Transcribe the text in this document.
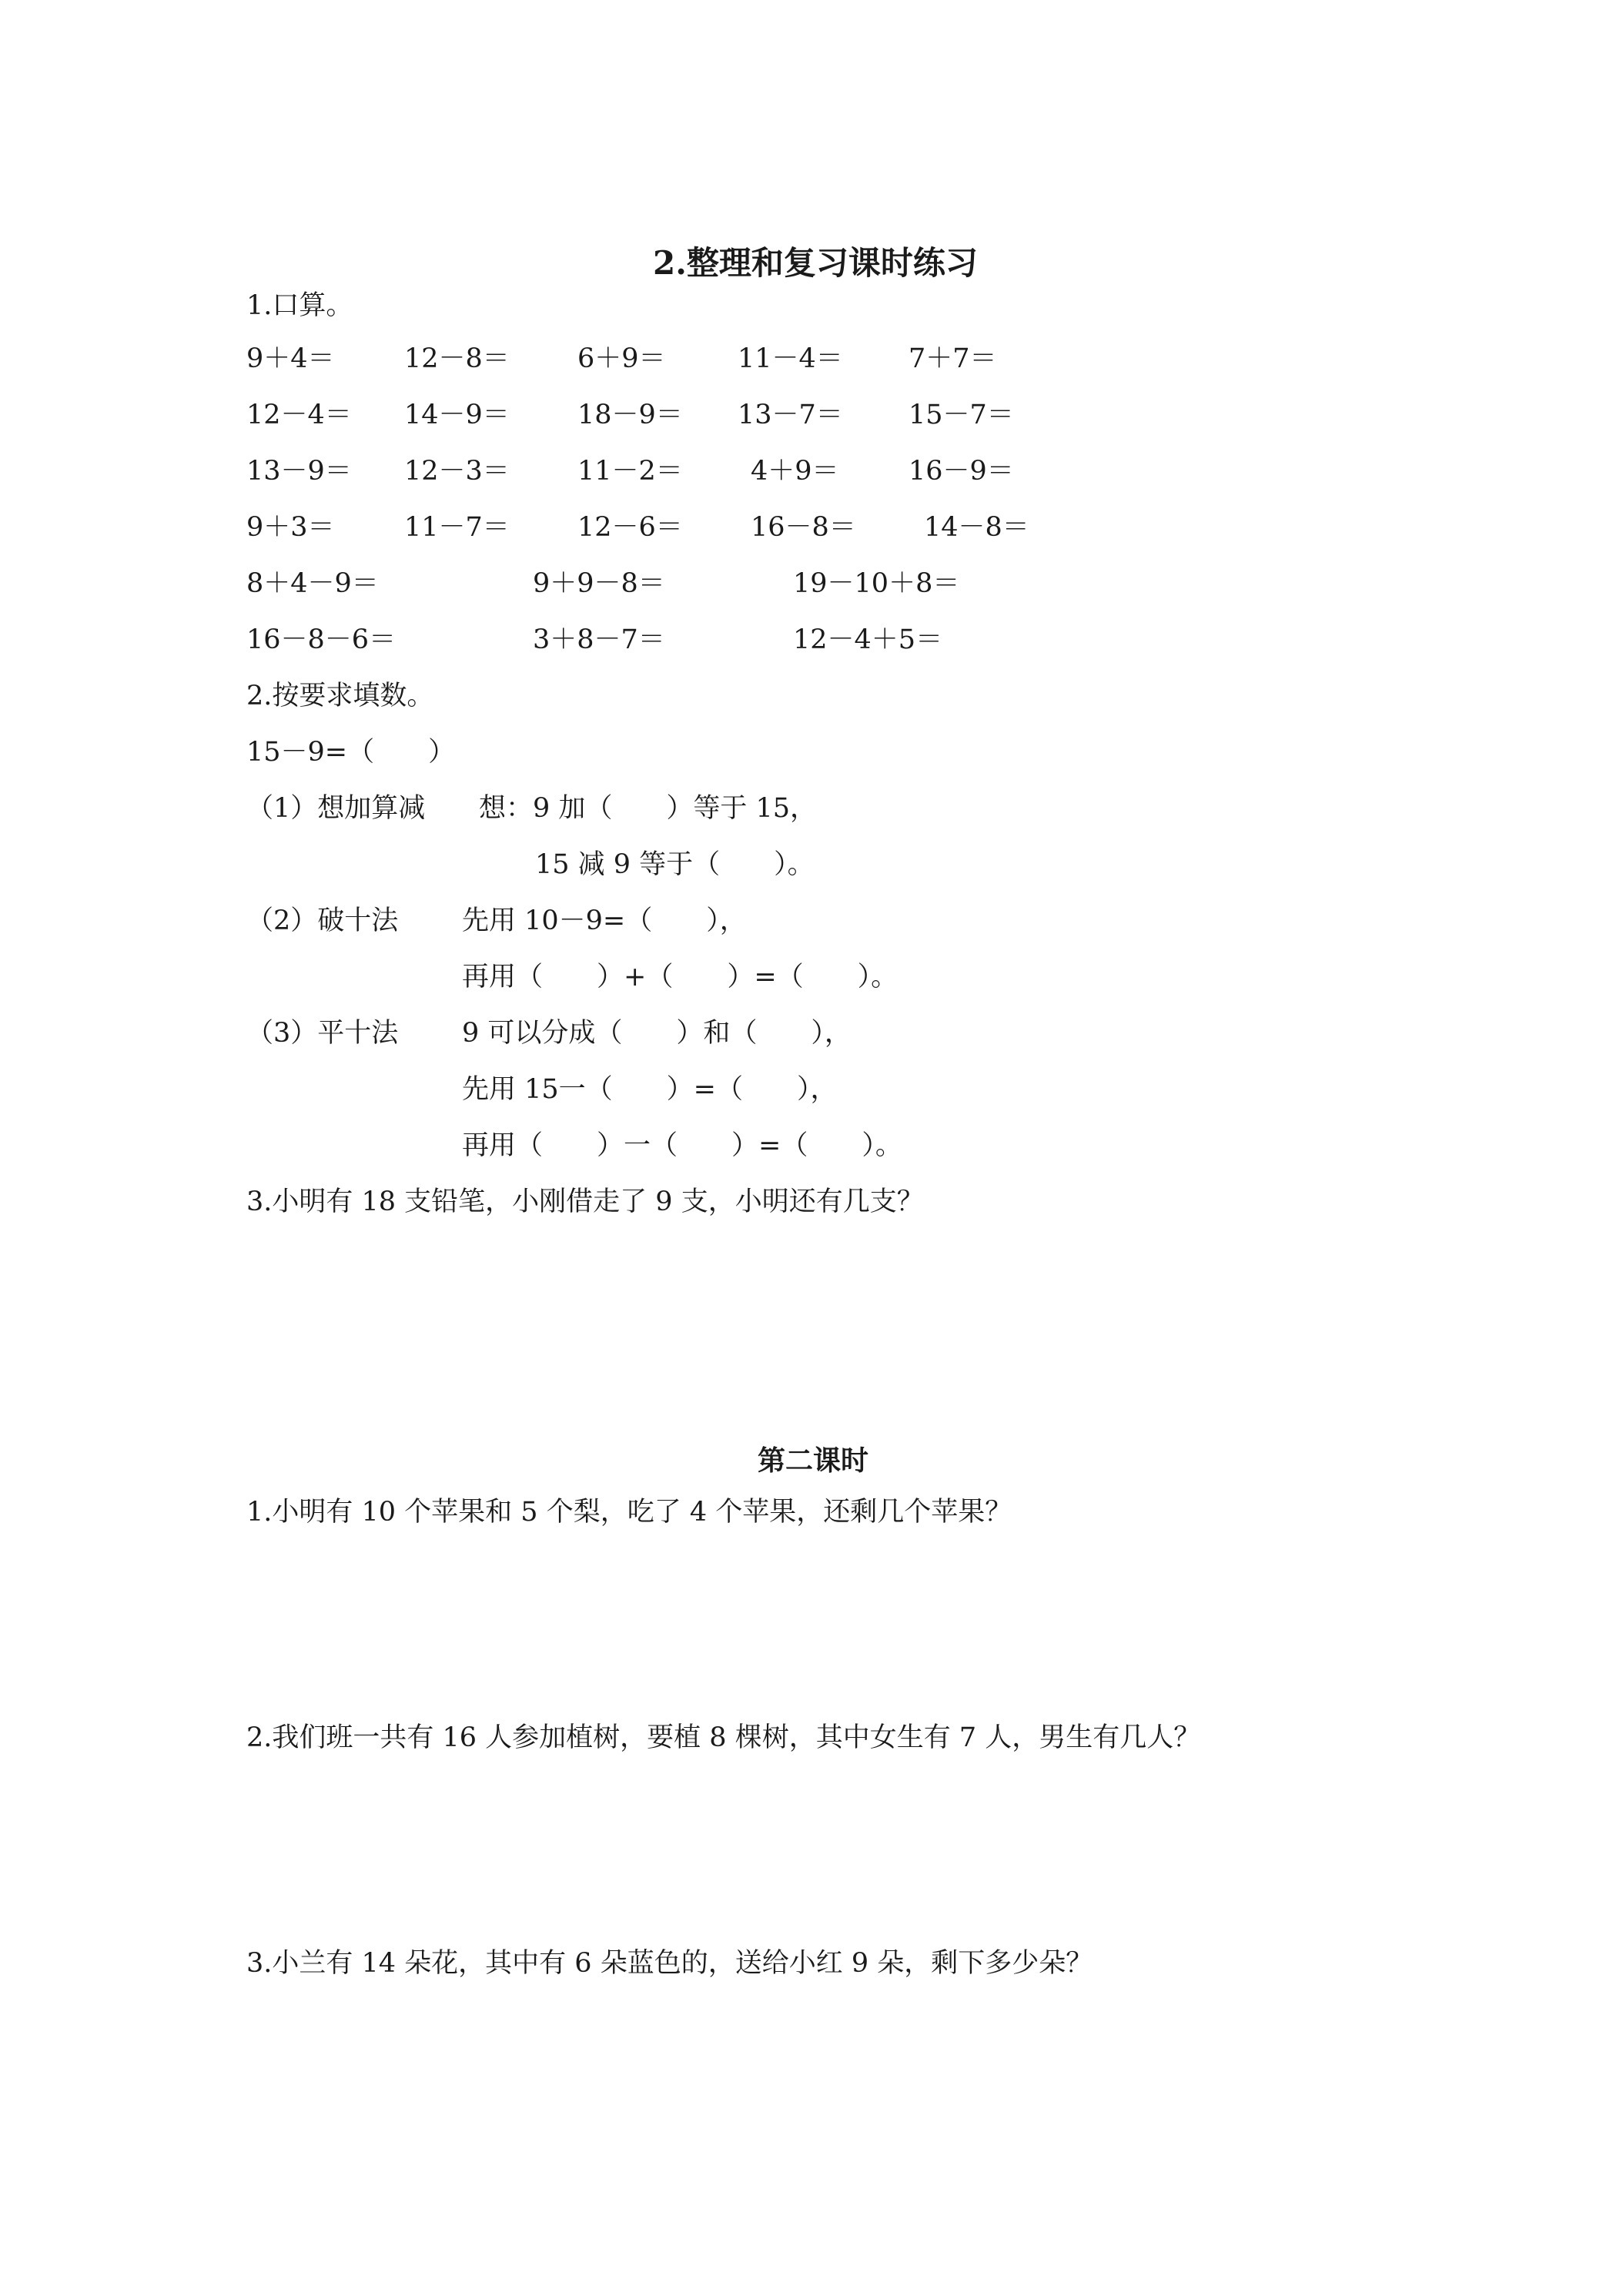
2.整理和复习课时练习
1.口算。
9＋4＝	12－8＝	6＋9＝	11－4＝ 7＋7＝
12－4＝ 14－9＝	18－9＝ 13－7＝ 15－7＝
13－9＝ 12－3＝	11－2＝	4＋9＝	16－9＝
9＋3＝	11－7＝	12－6＝	16－8＝	14－8＝
8＋4－9＝	9＋9－8＝	19－10＋8＝
16－8－6＝	3＋8－7＝	12－4＋5＝
2.按要求填数。
15－9=（　　）
（1）想加算减 想：9 加（　　）等于 15，
15 减 9 等于（　　）。
（2）破十法 先用 10－9=（　　），
再用（　　）+（　　）=（　　）。
（3）平十法 9 可以分成（　　）和（　　），
先用 15一（　　）=（　　），
再用（　　）一（　　）=（　　）。
3.小明有 18 支铅笔，小刚借走了 9 支，小明还有几支？
第二课时
1.小明有 10 个苹果和 5 个梨，吃了 4 个苹果，还剩几个苹果？
2.我们班一共有 16 人参加植树，要植 8 棵树，其中女生有 7 人，男生有几人？
3.小兰有 14 朵花，其中有 6 朵蓝色的，送给小红 9 朵，剩下多少朵？
